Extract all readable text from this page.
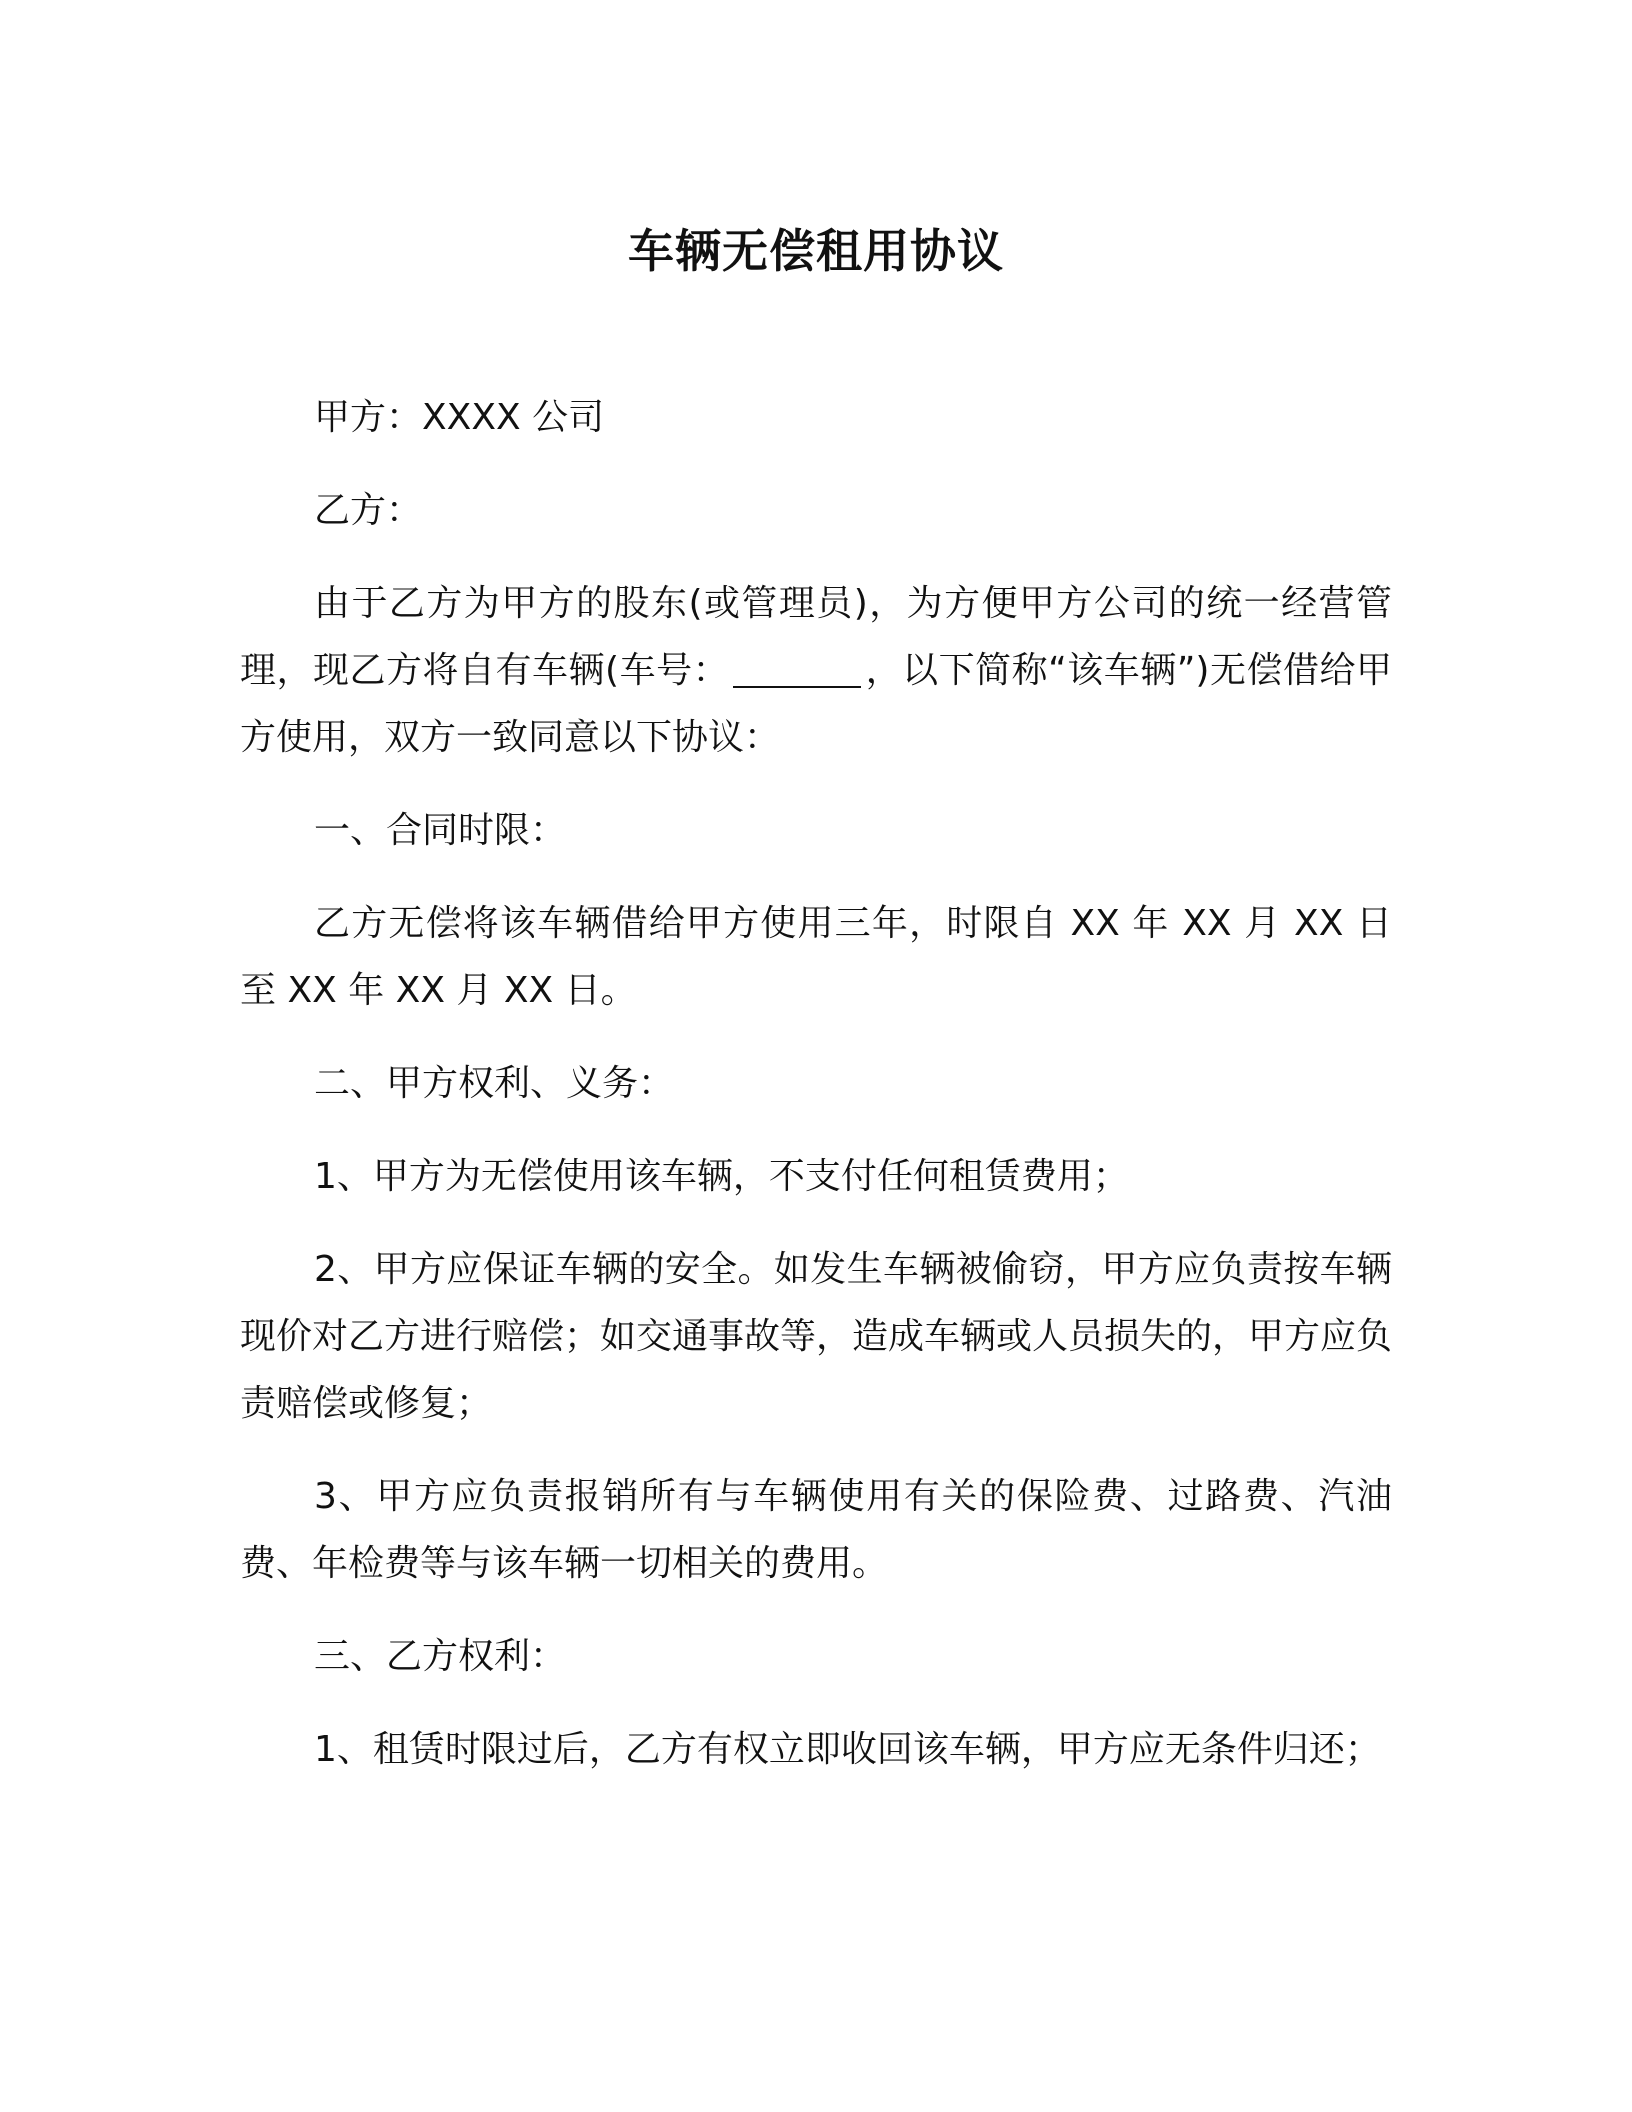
车辆无偿租用协议

甲方：XXXX 公司

乙方：

由于乙方为甲方的股东(或管理员)，为方便甲方公司的统一经营管理，现乙方将自有车辆(车号：	，以下简称“该车辆”)无偿借给甲方使用，双方一致同意以下协议：

一、合同时限：

乙方无偿将该车辆借给甲方使用三年，时限自 XX 年 XX 月 XX 日至 XX 年 XX 月 XX 日。

二、甲方权利、义务：

1、甲方为无偿使用该车辆，不支付任何租赁费用；

2、甲方应保证车辆的安全。如发生车辆被偷窃，甲方应负责按车辆现价对乙方进行赔偿；如交通事故等，造成车辆或人员损失的，甲方应负责赔偿或修复；

3、甲方应负责报销所有与车辆使用有关的保险费、过路费、汽油费、年检费等与该车辆一切相关的费用。

三、乙方权利：

1、租赁时限过后，乙方有权立即收回该车辆，甲方应无条件归还；
